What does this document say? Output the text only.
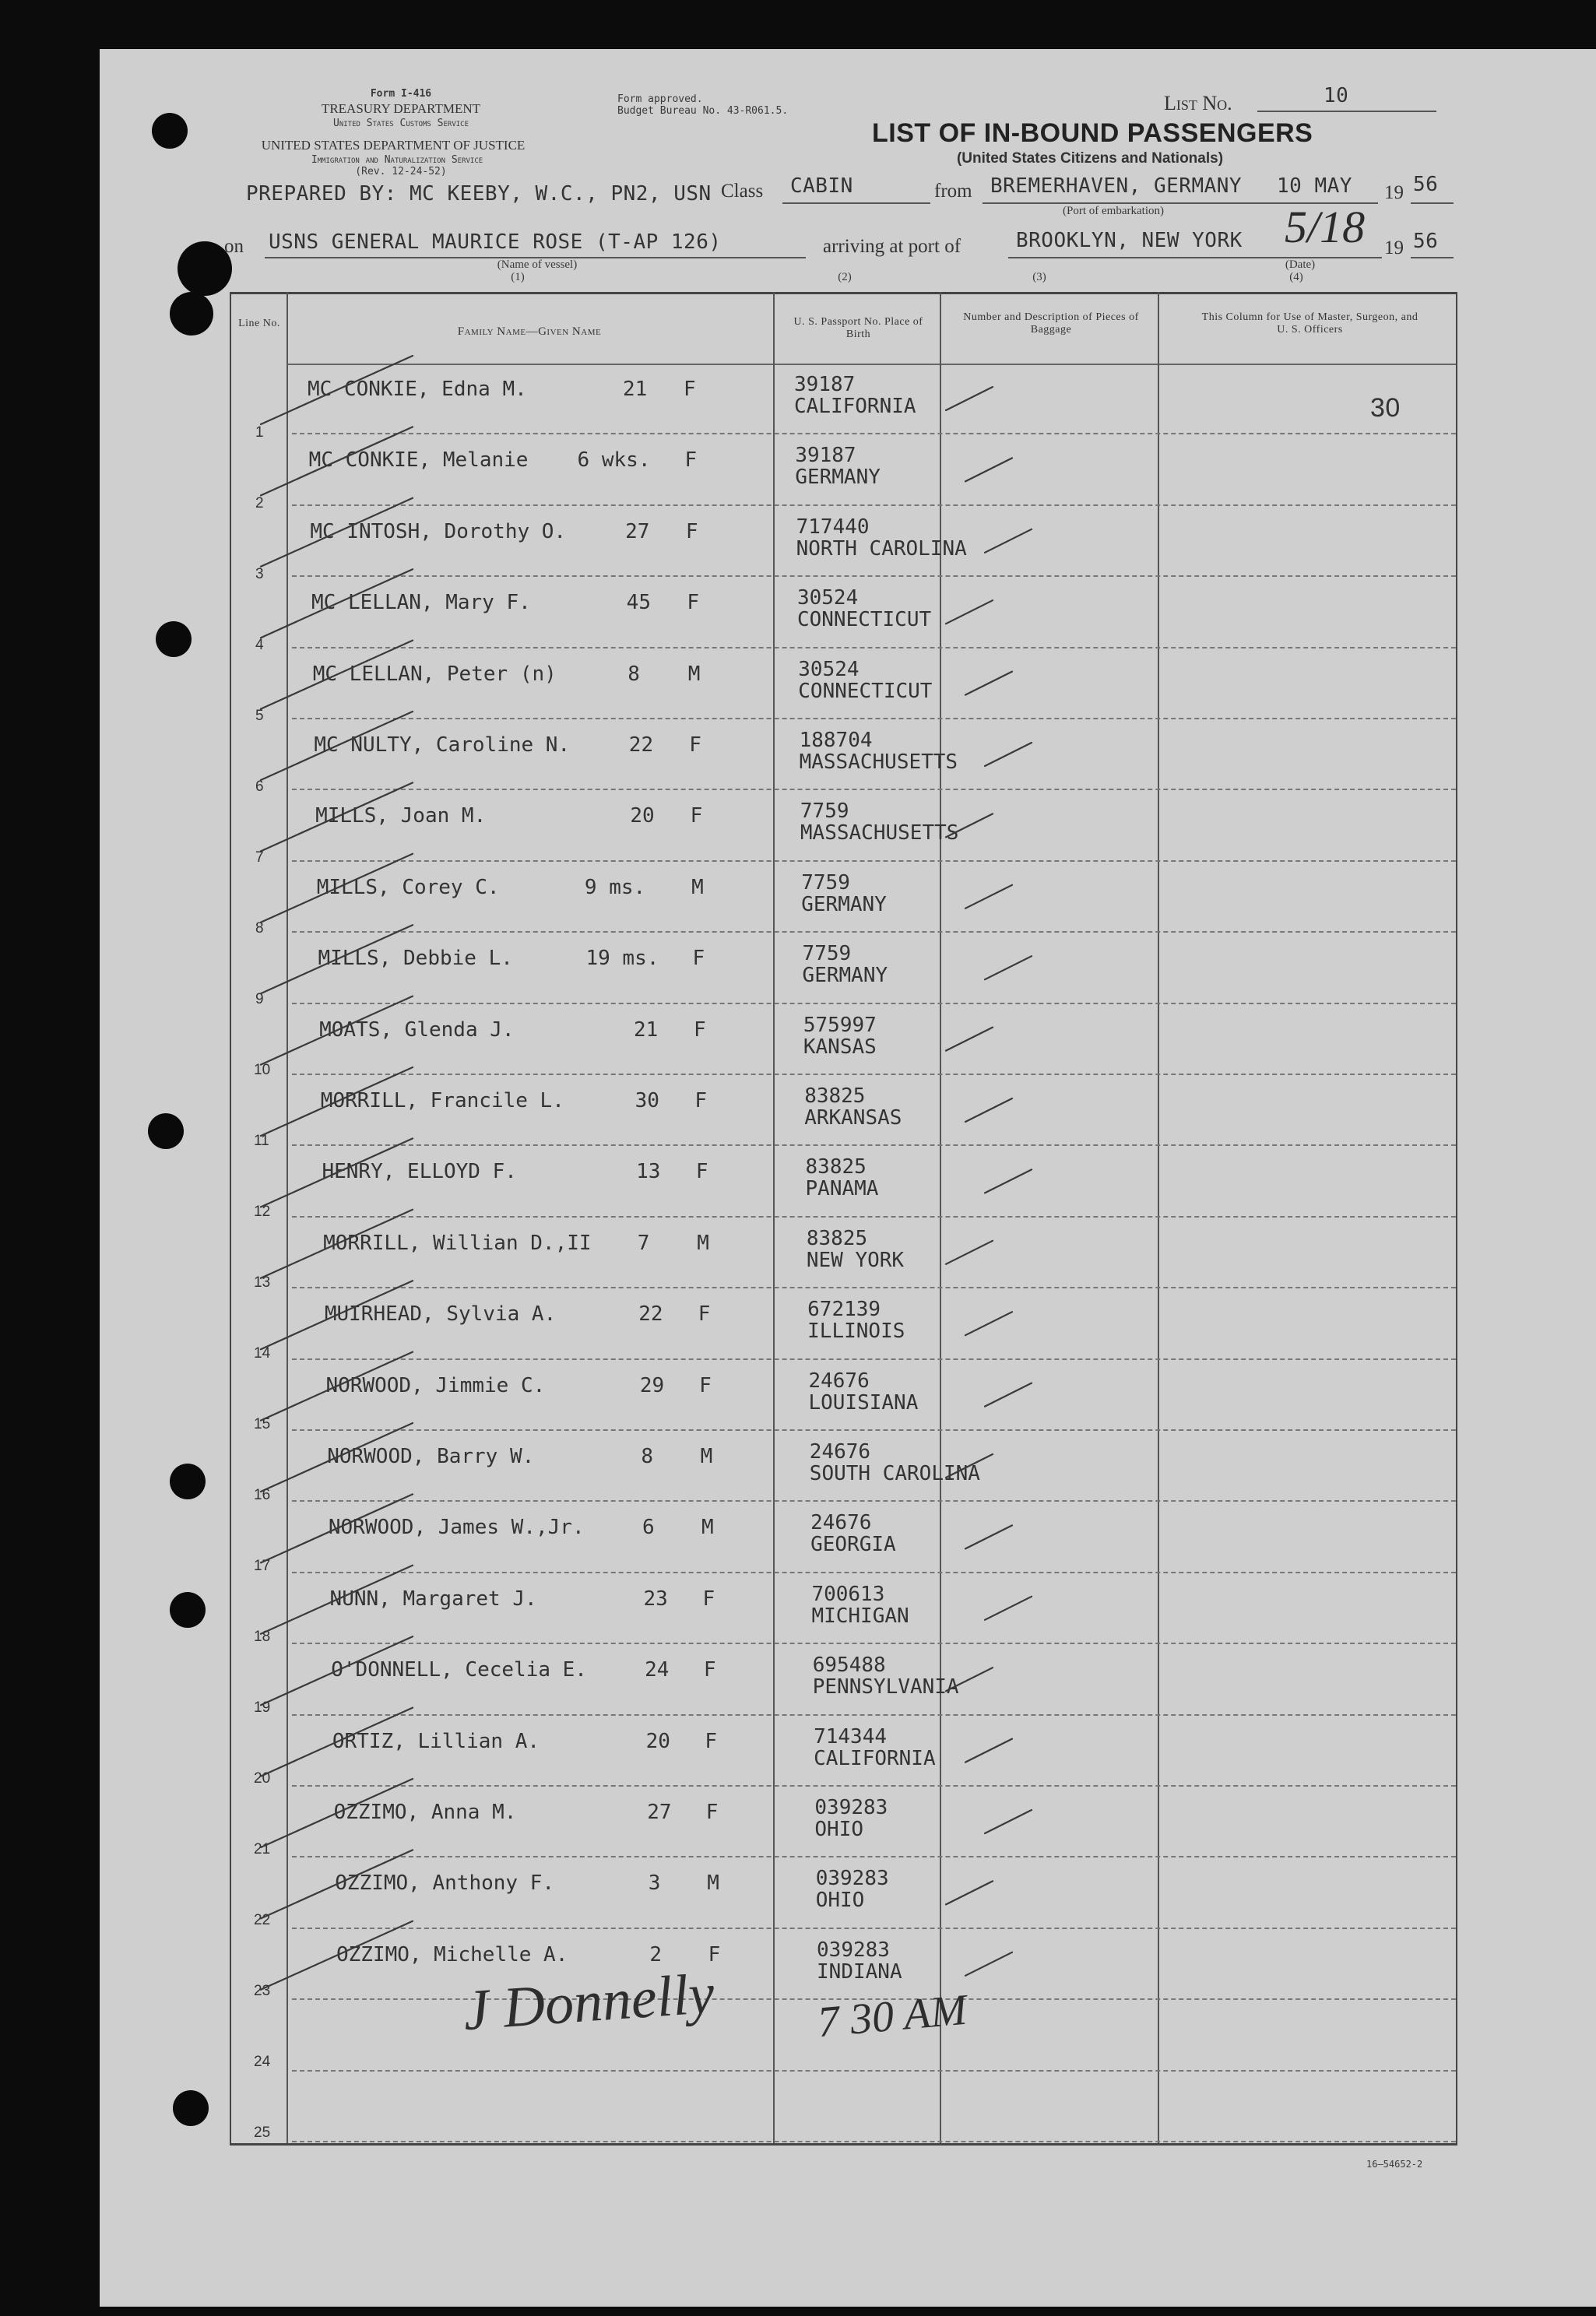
Form I-416
TREASURY DEPARTMENT
United States Customs Service
UNITED STATES DEPARTMENT OF JUSTICE
Immigration and Naturalization Service
(Rev. 12-24-52)
Form approved.
Budget Bureau No. 43-R061.5.	List No.	10
LIST OF IN-BOUND PASSENGERS
(United States Citizens and Nationals)
PREPARED BY: MC KEEBY, W.C., PN2, USN Class CABIN	from BREMERHAVEN, GERMANY 10 MAY 19 56
(Port of embarkation)
on USNS GENERAL MAURICE ROSE (T-AP 126)
(Name of vessel)
arriving at port of	BROOKLYN, NEW YORK 5/18 19 56
(Date)
(1)	(2)	(3)	(4)
Line No.
Family Name—Given Name
U. S. Passport No. Place of Birth
Number and Description of Pieces of Baggage
This Column for Use of Master, Surgeon, and U. S. Officers
30
1
MC CONKIE, Edna M.	21 F	39187
CALIFORNIA
2
MC CONKIE, Melanie 6 wks. F	39187
GERMANY
3
MC INTOSH, Dorothy O.	27 F	717440
NORTH CAROLINA
4
MC LELLAN, Mary F.	45 F	30524
CONNECTICUT
5
MC LELLAN, Peter (n)	8 M	30524
CONNECTICUT
6
MC NULTY, Caroline N.	22 F	188704
MASSACHUSETTS
7
MILLS, Joan M.	20 F	7759
MASSACHUSETTS
8
MILLS, Corey C.	9 ms. M	7759
GERMANY
9
MILLS, Debbie L.	19 ms. F	7759
GERMANY
10
MOATS, Glenda J.	21 F	575997
KANSAS
11
MORRILL, Francile L.	30 F	83825
ARKANSAS
12
HENRY, ELLOYD F.	13 F	83825
PANAMA
13
MORRILL, Willian D.,II 7 M	83825
NEW YORK
14
MUIRHEAD, Sylvia A.	22 F	672139
ILLINOIS
15
NORWOOD, Jimmie C.	29 F	24676
LOUISIANA
16
NORWOOD, Barry W.	8 M	24676
SOUTH CAROLINA
17
NORWOOD, James W.,Jr.	6 M	24676
GEORGIA
18
NUNN, Margaret J.	23 F	700613
MICHIGAN
19
O'DONNELL, Cecelia E.	24 F	695488
PENNSYLVANIA
20
ORTIZ, Lillian A.	20 F	714344
CALIFORNIA
21
OZZIMO, Anna M.	27 F	039283
OHIO
22
OZZIMO, Anthony F.	3 M	039283
OHIO
23
OZZIMO, Michelle A.	2 F	039283
INDIANA
24
25
J Donnelly 7 30 AM
16—54652-2
